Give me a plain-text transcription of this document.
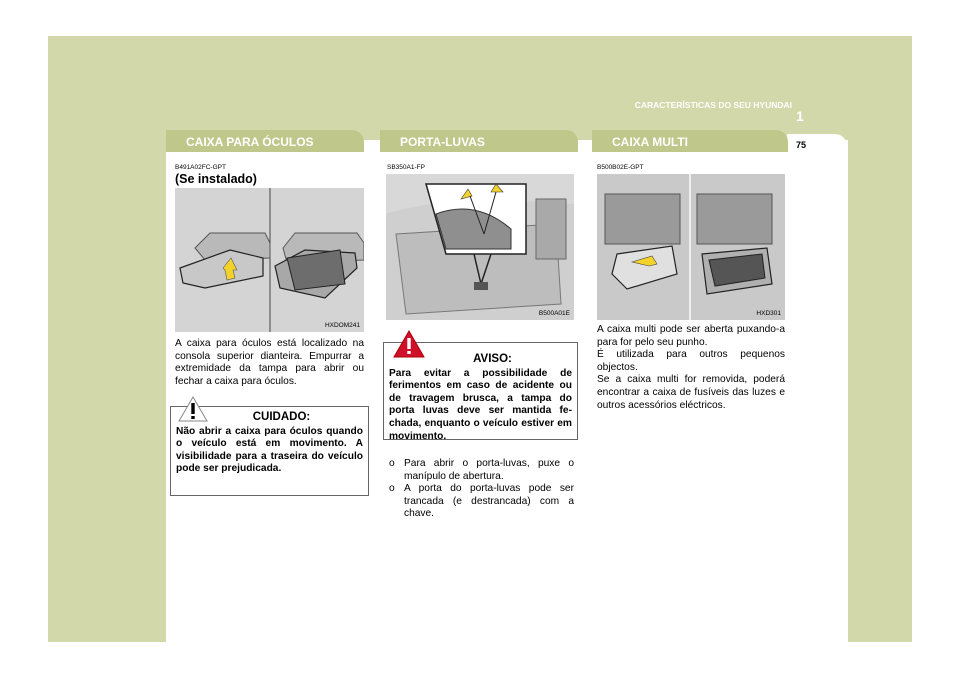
CARACTERÍSTICAS DO SEU HYUNDAI
1
75
CAIXA PARA ÓCULOS
B491A02FC-GPT
(Se instalado)
HXDOM241
A caixa para óculos está localizado na consola superior dianteira. Empurrar a extremidade da tampa para abrir ou fechar a caixa para óculos.
CUIDADO:
Não abrir a caixa para óculos quando o veículo está em movimento. A visibilidade para a traseira do veículo pode ser prejudicada.
PORTA-LUVAS
SB350A1-FP
B500A01E
AVISO:
Para evitar a possibilidade de ferimentos em caso de acidente ou de travagem brusca, a tampa do porta luvas deve ser mantida fe-chada, enquanto o veículo estiver em movimento.
o Para abrir o porta-luvas, puxe o manípulo de abertura.
o A porta do porta-luvas pode ser trancada (e destrancada) com a chave.
CAIXA MULTI
B500B02E-GPT
HXD301
A caixa multi pode ser aberta puxando-a para for pelo seu punho.
É utilizada para outros pequenos objectos.
Se a caixa multi for removida, poderá encontrar a caixa de fusíveis das luzes e outros acessórios eléctricos.
